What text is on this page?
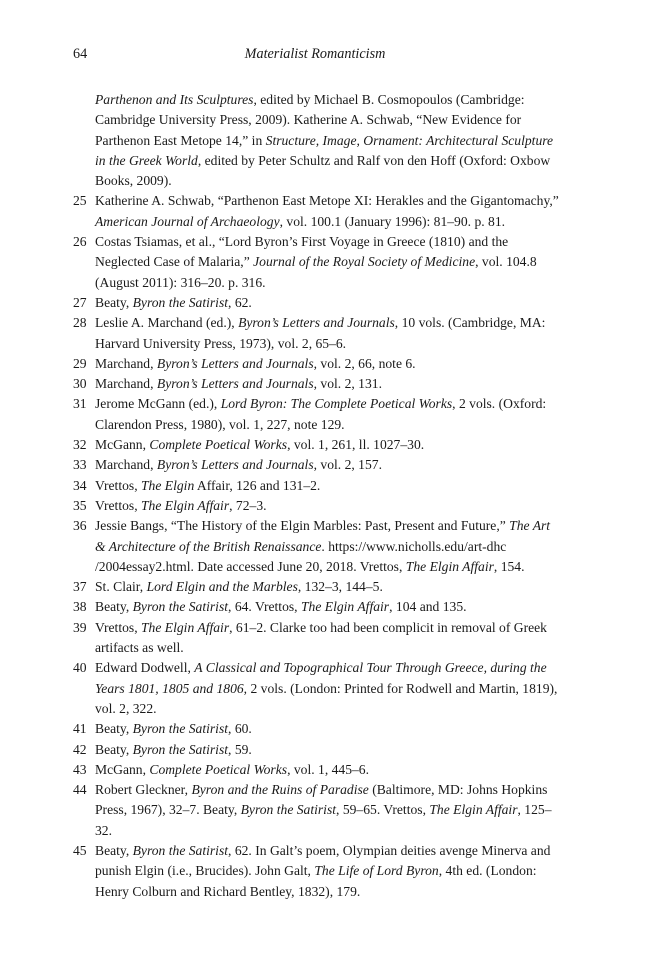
64	Materialist Romanticism
Parthenon and Its Sculptures, edited by Michael B. Cosmopoulos (Cambridge: Cambridge University Press, 2009). Katherine A. Schwab, “New Evidence for Parthenon East Metope 14,” in Structure, Image, Ornament: Architectural Sculpture in the Greek World, edited by Peter Schultz and Ralf von den Hoff (Oxford: Oxbow Books, 2009).
25 Katherine A. Schwab, “Parthenon East Metope XI: Herakles and the Gigantomachy,” American Journal of Archaeology, vol. 100.1 (January 1996): 81–90. p. 81.
26 Costas Tsiamas, et al., “Lord Byron’s First Voyage in Greece (1810) and the Neglected Case of Malaria,” Journal of the Royal Society of Medicine, vol. 104.8 (August 2011): 316–20. p. 316.
27 Beaty, Byron the Satirist, 62.
28 Leslie A. Marchand (ed.), Byron’s Letters and Journals, 10 vols. (Cambridge, MA: Harvard University Press, 1973), vol. 2, 65–6.
29 Marchand, Byron’s Letters and Journals, vol. 2, 66, note 6.
30 Marchand, Byron’s Letters and Journals, vol. 2, 131.
31 Jerome McGann (ed.), Lord Byron: The Complete Poetical Works, 2 vols. (Oxford: Clarendon Press, 1980), vol. 1, 227, note 129.
32 McGann, Complete Poetical Works, vol. 1, 261, ll. 1027–30.
33 Marchand, Byron’s Letters and Journals, vol. 2, 157.
34 Vrettos, The Elgin Affair, 126 and 131–2.
35 Vrettos, The Elgin Affair, 72–3.
36 Jessie Bangs, “The History of the Elgin Marbles: Past, Present and Future,” The Art & Architecture of the British Renaissance. https://www.nicholls.edu/art-dhc /2004essay2.html. Date accessed June 20, 2018. Vrettos, The Elgin Affair, 154.
37 St. Clair, Lord Elgin and the Marbles, 132–3, 144–5.
38 Beaty, Byron the Satirist, 64. Vrettos, The Elgin Affair, 104 and 135.
39 Vrettos, The Elgin Affair, 61–2. Clarke too had been complicit in removal of Greek artifacts as well.
40 Edward Dodwell, A Classical and Topographical Tour Through Greece, during the Years 1801, 1805 and 1806, 2 vols. (London: Printed for Rodwell and Martin, 1819), vol. 2, 322.
41 Beaty, Byron the Satirist, 60.
42 Beaty, Byron the Satirist, 59.
43 McGann, Complete Poetical Works, vol. 1, 445–6.
44 Robert Gleckner, Byron and the Ruins of Paradise (Baltimore, MD: Johns Hopkins Press, 1967), 32–7. Beaty, Byron the Satirist, 59–65. Vrettos, The Elgin Affair, 125–32.
45 Beaty, Byron the Satirist, 62. In Galt’s poem, Olympian deities avenge Minerva and punish Elgin (i.e., Brucides). John Galt, The Life of Lord Byron, 4th ed. (London: Henry Colburn and Richard Bentley, 1832), 179.
